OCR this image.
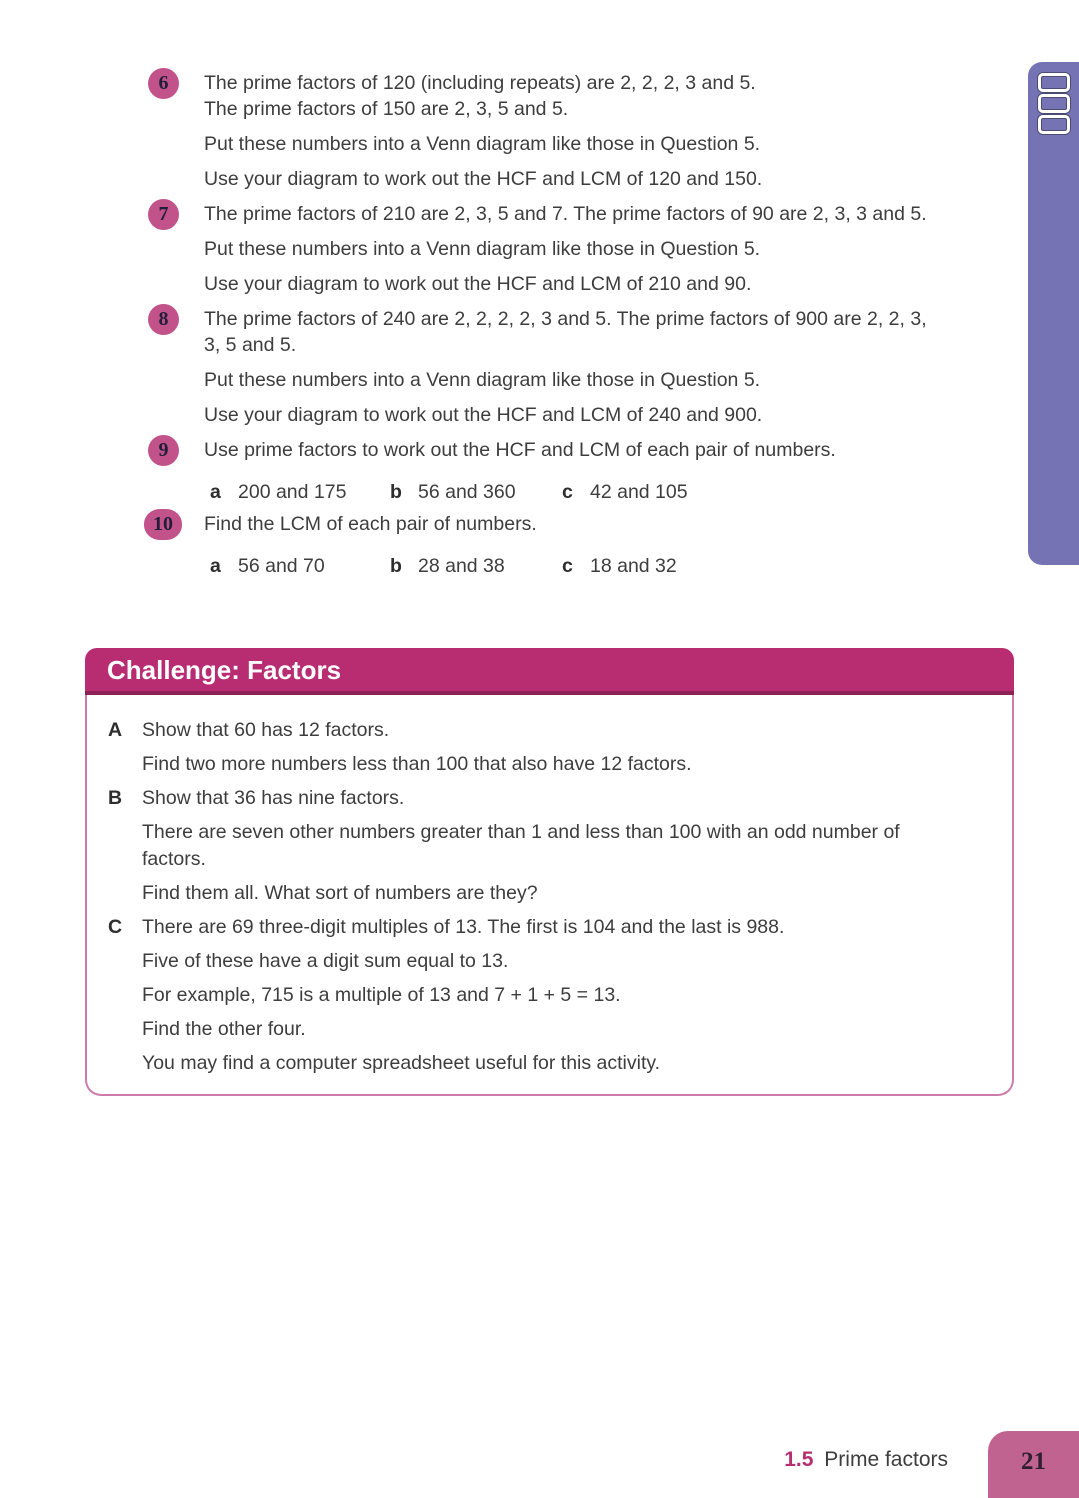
6	The prime factors of 120 (including repeats) are 2, 2, 2, 3 and 5.
The prime factors of 150 are 2, 3, 5 and 5.

Put these numbers into a Venn diagram like those in Question 5.

Use your diagram to work out the HCF and LCM of 120 and 150.

7	The prime factors of 210 are 2, 3, 5 and 7. The prime factors of 90 are 2, 3, 3 and 5.

Put these numbers into a Venn diagram like those in Question 5.

Use your diagram to work out the HCF and LCM of 210 and 90.

8	The prime factors of 240 are 2, 2, 2, 2, 3 and 5. The prime factors of 900 are 2, 2, 3,
3, 5 and 5.

Put these numbers into a Venn diagram like those in Question 5.

Use your diagram to work out the HCF and LCM of 240 and 900.

9	Use prime factors to work out the HCF and LCM of each pair of numbers.

a 200 and 175	b 56 and 360	c 42 and 105
10	Find the LCM of each pair of numbers.

a 56 and 70	b 28 and 38	c 18 and 32
Challenge: Factors
A	Show that 60 has 12 factors.

Find two more numbers less than 100 that also have 12 factors.

B	Show that 36 has nine factors.

There are seven other numbers greater than 1 and less than 100 with an odd number of
factors.

Find them all. What sort of numbers are they?

C	There are 69 three-digit multiples of 13. The first is 104 and the last is 988.

Five of these have a digit sum equal to 13.

For example, 715 is a multiple of 13 and 7 + 1 + 5 = 13.

Find the other four.

You may find a computer spreadsheet useful for this activity.

1.5 Prime factors	21
